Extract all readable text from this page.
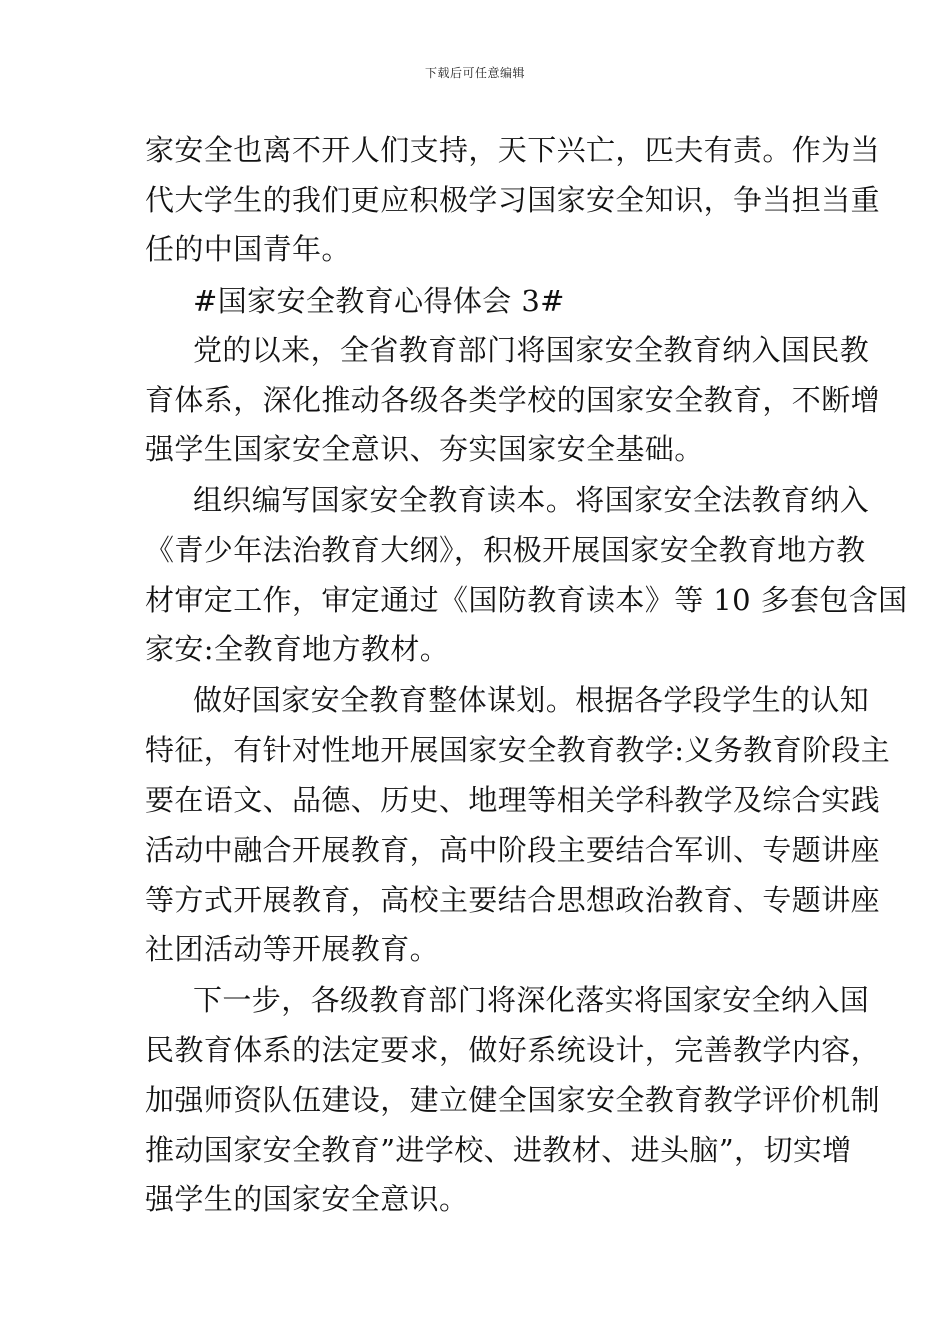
下载后可任意编辑
家安全也离不开人们支持，天下兴亡，匹夫有责。作为当
代大学生的我们更应积极学习国家安全知识，争当担当重
任的中国青年。
#国家安全教育心得体会 3#
党的以来，全省教育部门将国家安全教育纳入国民教
育体系，深化推动各级各类学校的国家安全教育，不断增
强学生国家安全意识、夯实国家安全基础。
组织编写国家安全教育读本。将国家安全法教育纳入
《青少年法治教育大纲》，积极开展国家安全教育地方教
材审定工作，审定通过《国防教育读本》等 10 多套包含国
家安:全教育地方教材。
做好国家安全教育整体谋划。根据各学段学生的认知
特征，有针对性地开展国家安全教育教学:义务教育阶段主
要在语文、品德、历史、地理等相关学科教学及综合实践
活动中融合开展教育，高中阶段主要结合军训、专题讲座
等方式开展教育，高校主要结合思想政治教育、专题讲座
社团活动等开展教育。
下一步，各级教育部门将深化落实将国家安全纳入国
民教育体系的法定要求，做好系统设计，完善教学内容，
加强师资队伍建设，建立健全国家安全教育教学评价机制
推动国家安全教育”进学校、进教材、进头脑”，切实增
强学生的国家安全意识。
